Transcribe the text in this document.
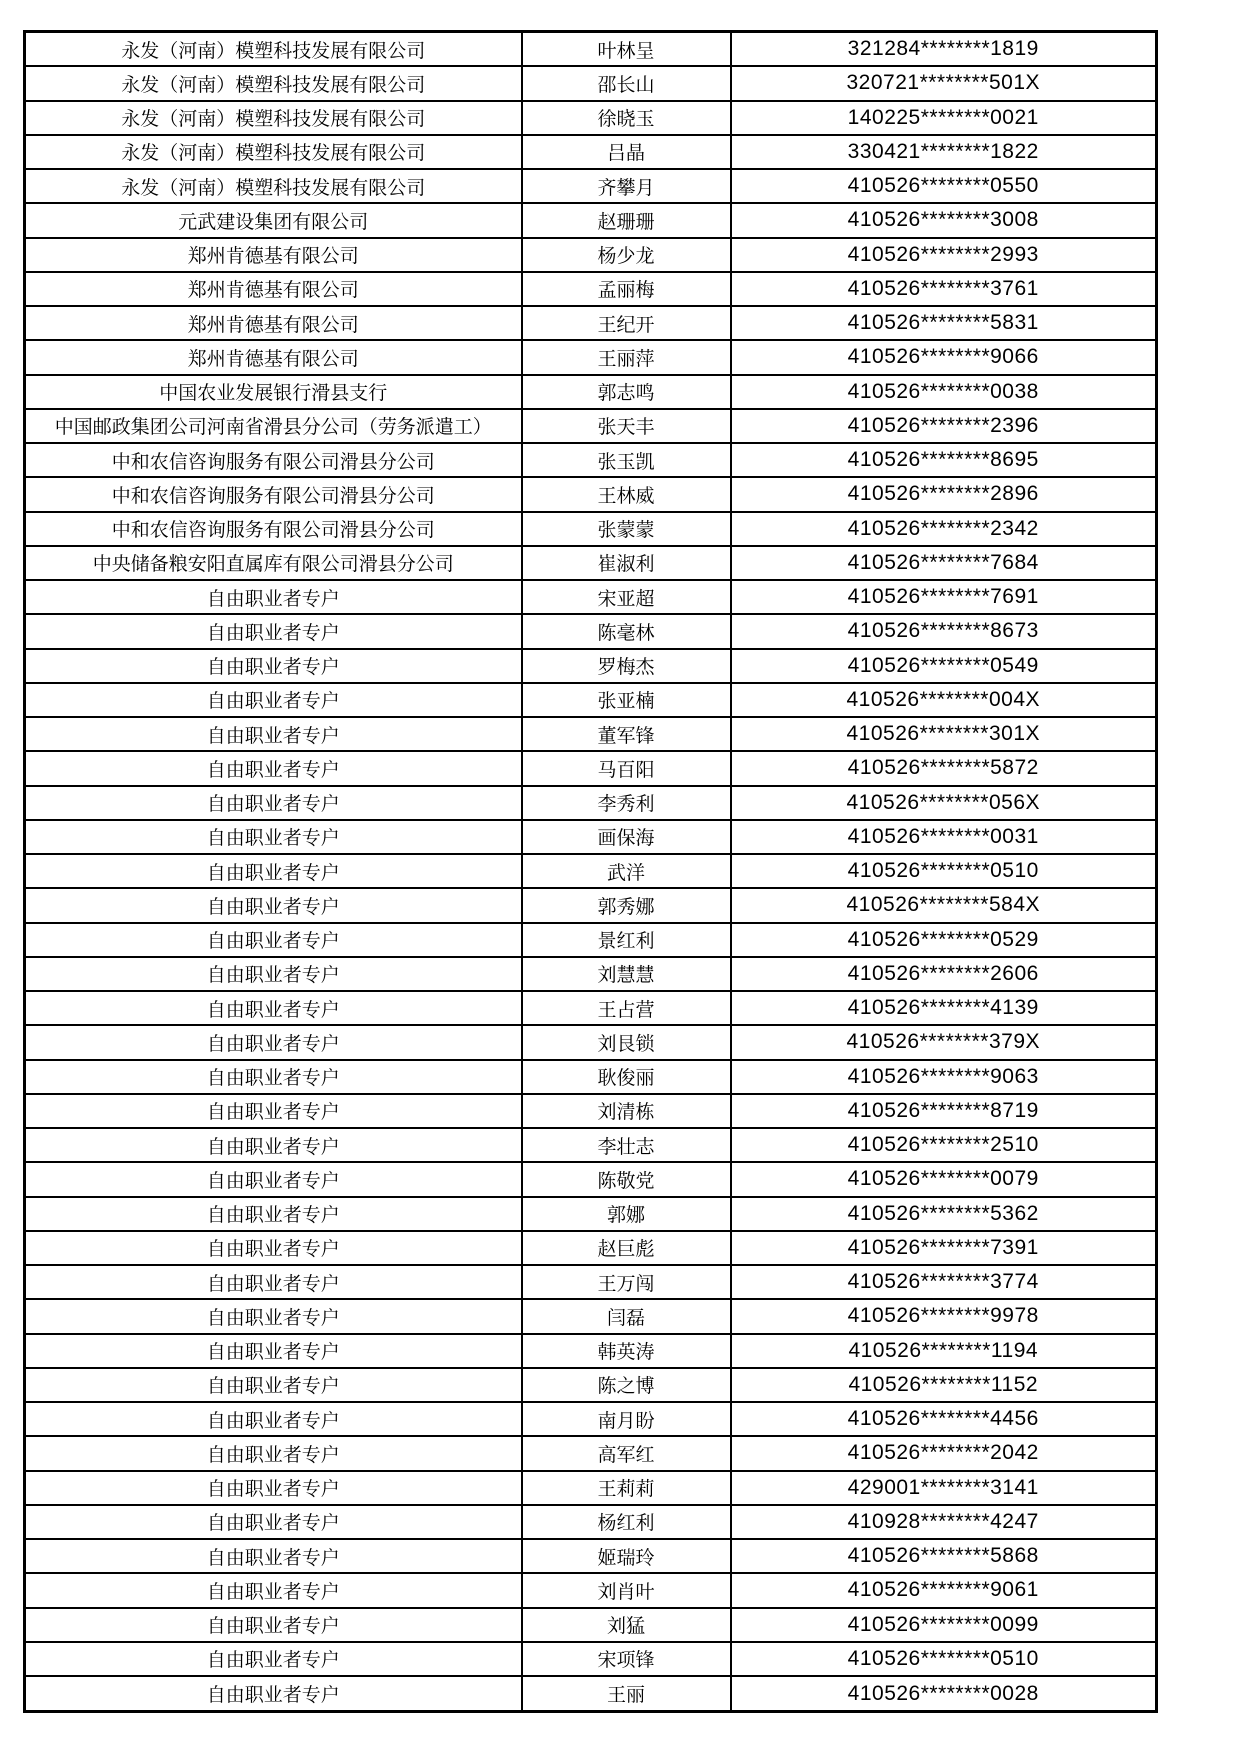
永发（河南）模塑科技发展有限公司	叶林呈	321284********1819
永发（河南）模塑科技发展有限公司	邵长山	320721********501X
永发（河南）模塑科技发展有限公司	徐晓玉	140225********0021
永发（河南）模塑科技发展有限公司	吕晶	330421********1822
永发（河南）模塑科技发展有限公司	齐攀月	410526********0550
元武建设集团有限公司	赵珊珊	410526********3008
郑州肯德基有限公司	杨少龙	410526********2993
郑州肯德基有限公司	孟丽梅	410526********3761
郑州肯德基有限公司	王纪开	410526********5831
郑州肯德基有限公司	王丽萍	410526********9066
中国农业发展银行滑县支行	郭志鸣	410526********0038
中国邮政集团公司河南省滑县分公司（劳务派遣工）	张天丰	410526********2396
中和农信咨询服务有限公司滑县分公司	张玉凯	410526********8695
中和农信咨询服务有限公司滑县分公司	王林威	410526********2896
中和农信咨询服务有限公司滑县分公司	张蒙蒙	410526********2342
中央储备粮安阳直属库有限公司滑县分公司	崔淑利	410526********7684
自由职业者专户	宋亚超	410526********7691
自由职业者专户	陈毫林	410526********8673
自由职业者专户	罗梅杰	410526********0549
自由职业者专户	张亚楠	410526********004X
自由职业者专户	董军锋	410526********301X
自由职业者专户	马百阳	410526********5872
自由职业者专户	李秀利	410526********056X
自由职业者专户	画保海	410526********0031
自由职业者专户	武洋	410526********0510
自由职业者专户	郭秀娜	410526********584X
自由职业者专户	景红利	410526********0529
自由职业者专户	刘慧慧	410526********2606
自由职业者专户	王占营	410526********4139
自由职业者专户	刘艮锁	410526********379X
自由职业者专户	耿俊丽	410526********9063
自由职业者专户	刘清栋	410526********8719
自由职业者专户	李壮志	410526********2510
自由职业者专户	陈敬党	410526********0079
自由职业者专户	郭娜	410526********5362
自由职业者专户	赵巨彪	410526********7391
自由职业者专户	王万闯	410526********3774
自由职业者专户	闫磊	410526********9978
自由职业者专户	韩英涛	410526********1194
自由职业者专户	陈之博	410526********1152
自由职业者专户	南月盼	410526********4456
自由职业者专户	高军红	410526********2042
自由职业者专户	王莉莉	429001********3141
自由职业者专户	杨红利	410928********4247
自由职业者专户	姬瑞玲	410526********5868
自由职业者专户	刘肖叶	410526********9061
自由职业者专户	刘猛	410526********0099
自由职业者专户	宋项锋	410526********0510
自由职业者专户	王丽	410526********0028
